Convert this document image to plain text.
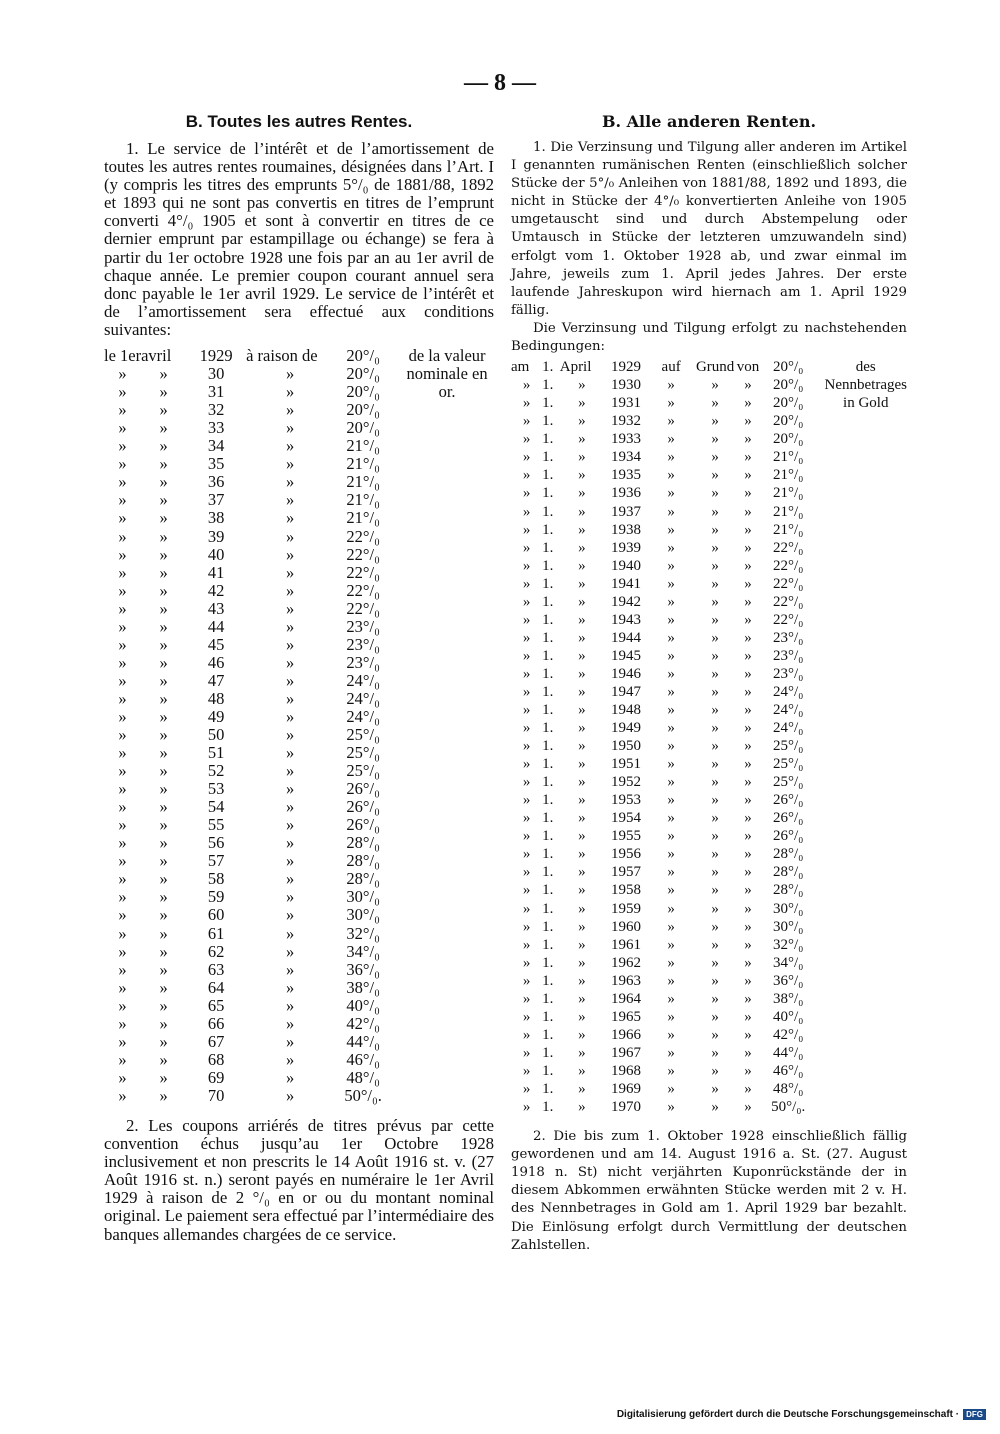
— 8 —
B. Toutes les autres Rentes.

1. Le service de l’intérêt et de l’amortissement de toutes les autres rentes roumaines, désignées dans l’Art. I (y compris les titres des emprunts 5°/₀ de 1881/88, 1892 et 1893 qui ne sont pas convertis en titres de l’emprunt converti 4°/₀ 1905 et sont à convertir en titres de ce dernier emprunt par estampillage ou échange) se fera à partir du 1er octobre 1928 une fois par an au 1er avril de chaque année. Le premier coupon courant annuel sera donc payable le 1er avril 1929. Le service de l’intérêt et de l’amortissement sera effectué aux conditions suivantes:

le 1er	avril	1929	à raison de	20°/₀	de la valeur nominale en or.
»	»	30	»	20°/₀	
»	»	31	»	20°/₀	
»	»	32	»	20°/₀	
»	»	33	»	20°/₀	
»	»	34	»	21°/₀	
»	»	35	»	21°/₀	
»	»	36	»	21°/₀	
»	»	37	»	21°/₀	
»	»	38	»	21°/₀	
»	»	39	»	22°/₀	
»	»	40	»	22°/₀	
»	»	41	»	22°/₀	
»	»	42	»	22°/₀	
»	»	43	»	22°/₀	
»	»	44	»	23°/₀	
»	»	45	»	23°/₀	
»	»	46	»	23°/₀	
»	»	47	»	24°/₀	
»	»	48	»	24°/₀	
»	»	49	»	24°/₀	
»	»	50	»	25°/₀	
»	»	51	»	25°/₀	
»	»	52	»	25°/₀	
»	»	53	»	26°/₀	
»	»	54	»	26°/₀	
»	»	55	»	26°/₀	
»	»	56	»	28°/₀	
»	»	57	»	28°/₀	
»	»	58	»	28°/₀	
»	»	59	»	30°/₀	
»	»	60	»	30°/₀	
»	»	61	»	32°/₀	
»	»	62	»	34°/₀	
»	»	63	»	36°/₀	
»	»	64	»	38°/₀	
»	»	65	»	40°/₀	
»	»	66	»	42°/₀	
»	»	67	»	44°/₀	
»	»	68	»	46°/₀	
»	»	69	»	48°/₀	
»	»	70	»	50°/₀.	

2. Les coupons arriérés de titres prévus par cette convention échus jusqu’au 1er Octobre 1928 inclusivement et non prescrits le 14 Août 1916 st. v. (27 Août 1916 st. n.) seront payés en numéraire le 1er Avril 1929 à raison de 2 °/₀ en or ou du montant nominal original. Le paiement sera effectué par l’intermédiaire des banques allemandes chargées de ce service.

B. Alle anderen Renten.

1. Die Verzinsung und Tilgung aller anderen im Artikel I genannten rumänischen Renten (einschließlich solcher Stücke der 5°/₀ Anleihen von 1881/88, 1892 und 1893, die nicht in Stücke der 4°/₀ konvertierten Anleihe von 1905 umgetauscht sind und durch Abstempelung oder Umtausch in Stücke der letzteren umzuwandeln sind) erfolgt vom 1. Oktober 1928 ab, und zwar einmal im Jahre, jeweils zum 1. April jedes Jahres. Der erste laufende Jahreskupon wird hiernach am 1. April 1929 fällig.

Die Verzinsung und Tilgung erfolgt zu nachstehenden Bedingungen:

am	1.	April	1929	auf	Grund	von	20°/₀	des Nennbetrages in Gold
»	1.	»	1930	»	»	»	20°/₀	
»	1.	»	1931	»	»	»	20°/₀	
»	1.	»	1932	»	»	»	20°/₀	
»	1.	»	1933	»	»	»	20°/₀	
»	1.	»	1934	»	»	»	21°/₀	
»	1.	»	1935	»	»	»	21°/₀	
»	1.	»	1936	»	»	»	21°/₀	
»	1.	»	1937	»	»	»	21°/₀	
»	1.	»	1938	»	»	»	21°/₀	
»	1.	»	1939	»	»	»	22°/₀	
»	1.	»	1940	»	»	»	22°/₀	
»	1.	»	1941	»	»	»	22°/₀	
»	1.	»	1942	»	»	»	22°/₀	
»	1.	»	1943	»	»	»	22°/₀	
»	1.	»	1944	»	»	»	23°/₀	
»	1.	»	1945	»	»	»	23°/₀	
»	1.	»	1946	»	»	»	23°/₀	
»	1.	»	1947	»	»	»	24°/₀	
»	1.	»	1948	»	»	»	24°/₀	
»	1.	»	1949	»	»	»	24°/₀	
»	1.	»	1950	»	»	»	25°/₀	
»	1.	»	1951	»	»	»	25°/₀	
»	1.	»	1952	»	»	»	25°/₀	
»	1.	»	1953	»	»	»	26°/₀	
»	1.	»	1954	»	»	»	26°/₀	
»	1.	»	1955	»	»	»	26°/₀	
»	1.	»	1956	»	»	»	28°/₀	
»	1.	»	1957	»	»	»	28°/₀	
»	1.	»	1958	»	»	»	28°/₀	
»	1.	»	1959	»	»	»	30°/₀	
»	1.	»	1960	»	»	»	30°/₀	
»	1.	»	1961	»	»	»	32°/₀	
»	1.	»	1962	»	»	»	34°/₀	
»	1.	»	1963	»	»	»	36°/₀	
»	1.	»	1964	»	»	»	38°/₀	
»	1.	»	1965	»	»	»	40°/₀	
»	1.	»	1966	»	»	»	42°/₀	
»	1.	»	1967	»	»	»	44°/₀	
»	1.	»	1968	»	»	»	46°/₀	
»	1.	»	1969	»	»	»	48°/₀	
»	1.	»	1970	»	»	»	50°/₀.	

2. Die bis zum 1. Oktober 1928 einschließlich fällig gewordenen und am 14. August 1916 a. St. (27. August 1918 n. St) nicht verjährten Kuponrückstände der in diesem Abkommen erwähnten Stücke werden mit 2 v. H. des Nennbetrages in Gold am 1. April 1929 bar bezahlt. Die Einlösung erfolgt durch Vermittlung der deutschen Zahlstellen.

Digitalisierung gefördert durch die Deutsche Forschungsgemeinschaft · DFG
